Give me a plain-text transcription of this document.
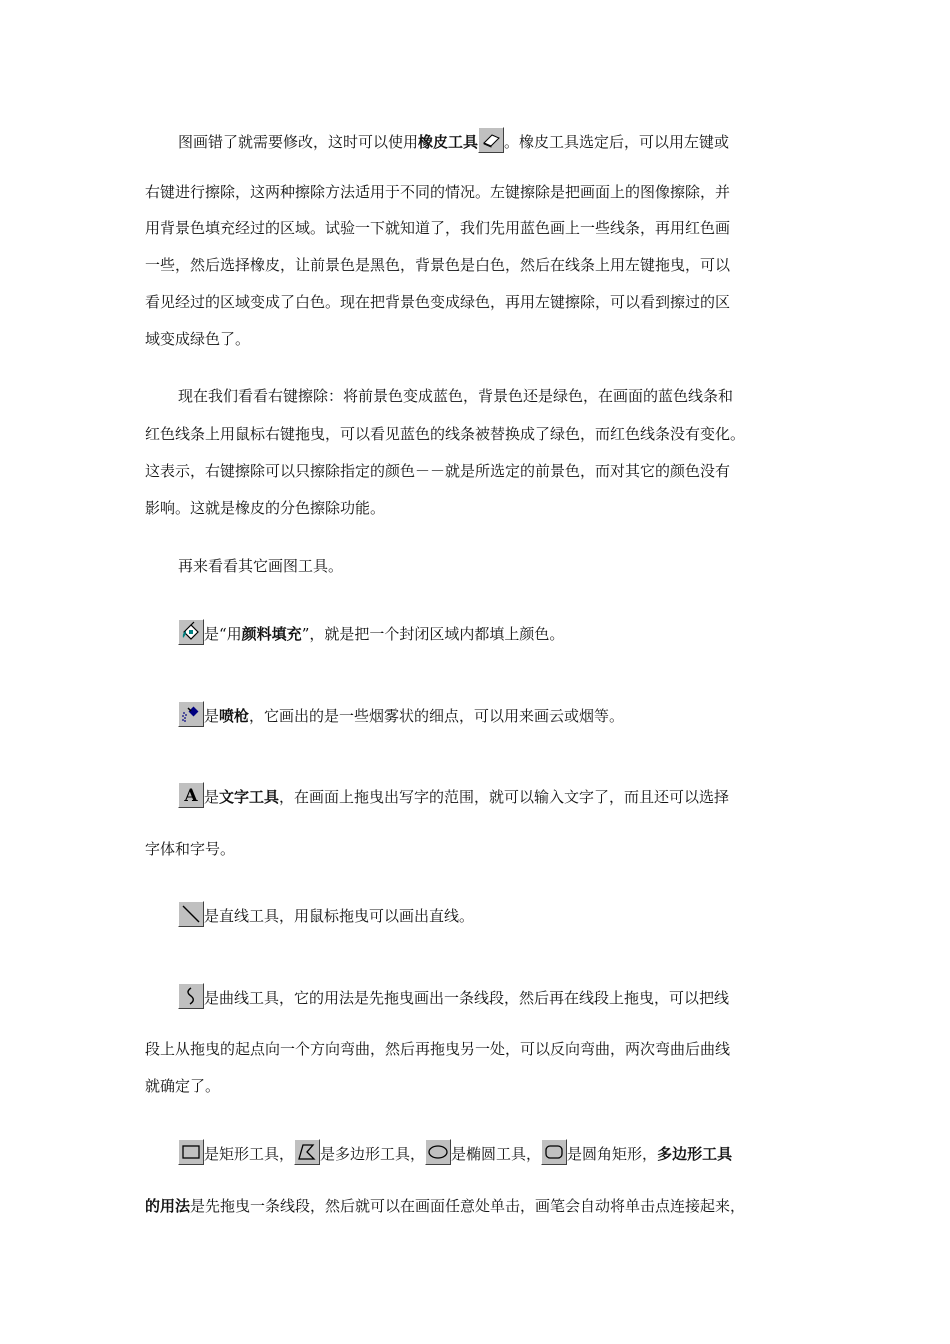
图画错了就需要修改，这时可以使用橡皮工具 。橡皮工具选定后，可以用左键或
右键进行擦除，这两种擦除方法适用于不同的情况。左键擦除是把画面上的图像擦除，并
用背景色填充经过的区域。试验一下就知道了，我们先用蓝色画上一些线条，再用红色画
一些，然后选择橡皮，让前景色是黑色，背景色是白色，然后在线条上用左键拖曳，可以
看见经过的区域变成了白色。现在把背景色变成绿色，再用左键擦除，可以看到擦过的区
域变成绿色了。
现在我们看看右键擦除：将前景色变成蓝色，背景色还是绿色，在画面的蓝色线条和
红色线条上用鼠标右键拖曳，可以看见蓝色的线条被替换成了绿色，而红色线条没有变化。
这表示，右键擦除可以只擦除指定的颜色－－就是所选定的前景色，而对其它的颜色没有
影响。这就是橡皮的分色擦除功能。
再来看看其它画图工具。
是“用颜料填充”，就是把一个封闭区域内都填上颜色。
是喷枪，它画出的是一些烟雾状的细点，可以用来画云或烟等。
A 是文字工具，在画面上拖曳出写字的范围，就可以输入文字了，而且还可以选择
字体和字号。
是直线工具，用鼠标拖曳可以画出直线。
是曲线工具，它的用法是先拖曳画出一条线段，然后再在线段上拖曳，可以把线
段上从拖曳的起点向一个方向弯曲，然后再拖曳另一处，可以反向弯曲，两次弯曲后曲线
就确定了。
是矩形工具， 是多边形工具， 是椭圆工具， 是圆角矩形，多边形工具
的用法是先拖曳一条线段，然后就可以在画面任意处单击，画笔会自动将单击点连接起来，
